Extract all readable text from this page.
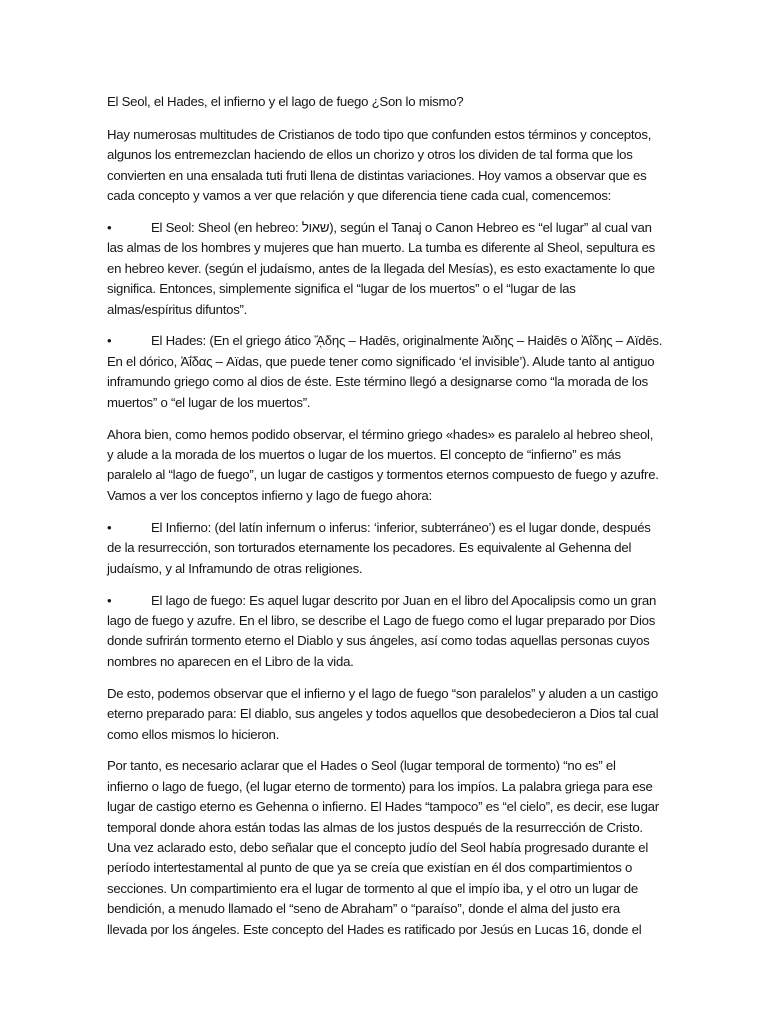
El Seol, el Hades, el infierno y el lago de fuego ¿Son lo mismo?
Hay numerosas multitudes de Cristianos de todo tipo que confunden estos términos y conceptos,
algunos los entremezclan haciendo de ellos un chorizo y otros los dividen de tal forma que los
convierten en una ensalada tuti fruti llena de distintas variaciones. Hoy vamos a observar que es
cada concepto y vamos a ver que relación y que diferencia tiene cada cual, comencemos:
•	El Seol: Sheol (en hebreo: שאול), según el Tanaj o Canon Hebreo es “el lugar” al cual van
las almas de los hombres y mujeres que han muerto. La tumba es diferente al Sheol, sepultura es
en hebreo kever. (según el judaísmo, antes de la llegada del Mesías), es esto exactamente lo que
significa. Entonces, simplemente significa el “lugar de los muertos” o el “lugar de las
almas/espíritus difuntos”.
•	El Hades: (En el griego ático ᾍδης – Hadēs, originalmente Ἀιδης – Haidēs o Ἀΐδης – Aïdēs.
En el dórico, Ἀΐδας – Aïdas, que puede tener como significado ‘el invisible’). Alude tanto al antiguo
inframundo griego como al dios de éste. Este término llegó a designarse como “la morada de los
muertos” o “el lugar de los muertos”.
Ahora bien, como hemos podido observar, el término griego «hades» es paralelo al hebreo sheol,
y alude a la morada de los muertos o lugar de los muertos. El concepto de “infierno” es más
paralelo al “lago de fuego”, un lugar de castigos y tormentos eternos compuesto de fuego y azufre.
Vamos a ver los conceptos infierno y lago de fuego ahora:
•	El Infierno: (del latín infernum o inferus: ‘inferior, subterráneo’) es el lugar donde, después
de la resurrección, son torturados eternamente los pecadores. Es equivalente al Gehenna del
judaísmo, y al Inframundo de otras religiones.
•	El lago de fuego: Es aquel lugar descrito por Juan en el libro del Apocalipsis como un gran
lago de fuego y azufre. En el libro, se describe el Lago de fuego como el lugar preparado por Dios
donde sufrirán tormento eterno el Diablo y sus ángeles, así como todas aquellas personas cuyos
nombres no aparecen en el Libro de la vida.
De esto, podemos observar que el infierno y el lago de fuego “son paralelos” y aluden a un castigo
eterno preparado para: El diablo, sus angeles y todos aquellos que desobedecieron a Dios tal cual
como ellos mismos lo hicieron.
Por tanto, es necesario aclarar que el Hades o Seol (lugar temporal de tormento) “no es” el
infierno o lago de fuego, (el lugar eterno de tormento) para los impíos. La palabra griega para ese
lugar de castigo eterno es Gehenna o infierno. El Hades “tampoco” es “el cielo”, es decir, ese lugar
temporal donde ahora están todas las almas de los justos después de la resurrección de Cristo.
Una vez aclarado esto, debo señalar que el concepto judío del Seol había progresado durante el
período intertestamental al punto de que ya se creía que existían en él dos compartimientos o
secciones. Un compartimiento era el lugar de tormento al que el impío iba, y el otro un lugar de
bendición, a menudo llamado el “seno de Abraham” o “paraíso”, donde el alma del justo era
llevada por los ángeles. Este concepto del Hades es ratificado por Jesús en Lucas 16, donde el
